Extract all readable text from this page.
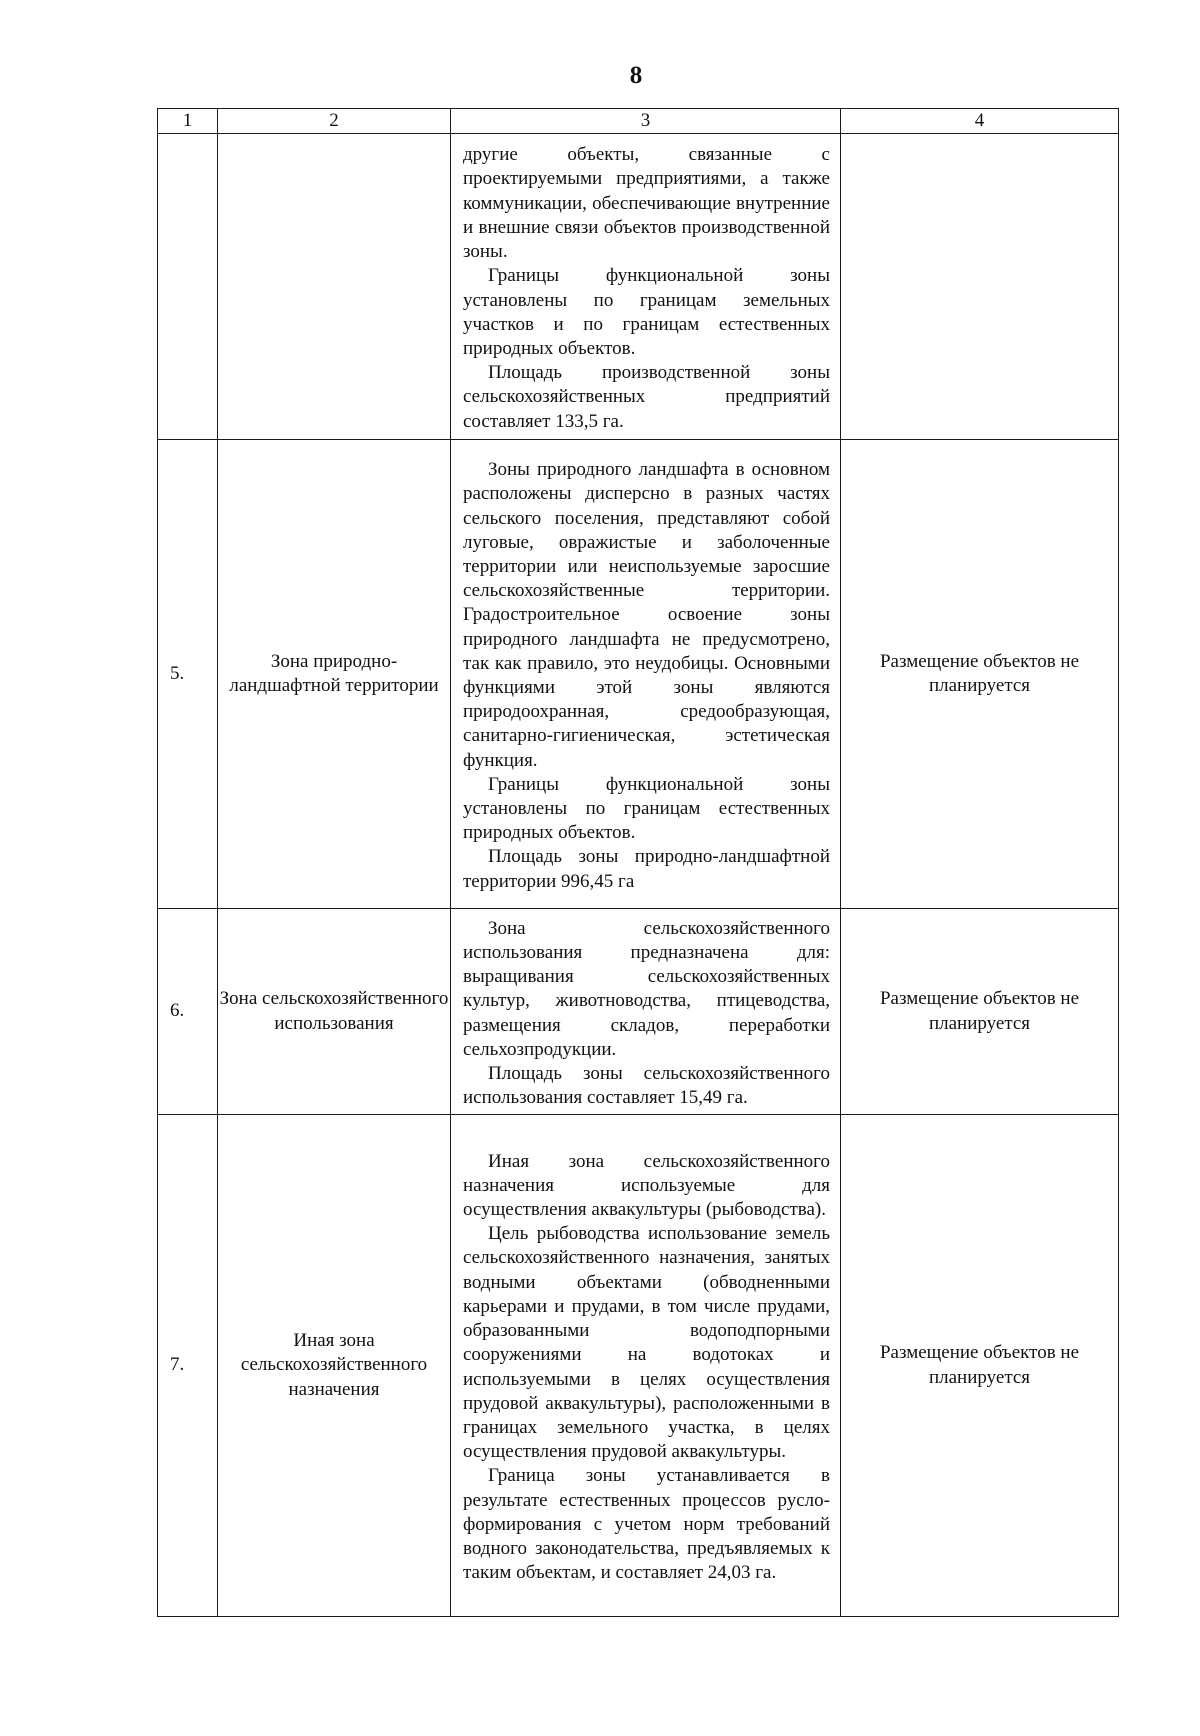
8
1	2	3	4

		другие объекты, связанные с проектируемыми предприятиями, а также коммуникации, обеспечивающие внутренние и внешние связи объектов производственной зоны.

Границы функциональной зоны установлены по границам земельных участков и по границам естественных природных объектов.

Площадь производственной зоны сельскохозяйственных предприятий составляет 133,5 га.	

5.	Зона природно-ландшафтной территории	Зоны природного ландшафта в основном расположены дисперсно в разных частях сельского поселения, представляют собой луговые, овражистые и заболоченные территории или неиспользуемые заросшие сельскохозяйственные территории. Градостроительное освоение зоны природного ландшафта не предусмотрено, так как правило, это неудобицы. Основными функциями этой зоны являются природоохранная, средообразующая, санитарно-гигиеническая, эстетическая функция.

Границы функциональной зоны установлены по границам естественных природных объектов.

Площадь зоны природно-ландшафтной территории 996,45 га	Размещение объектов не планируется
6.	Зона сельскохозяйственного использования	Зона сельскохозяйственного использования предназначена для: выращивания сельскохозяйственных культур, животноводства, птицеводства, размещения складов, переработки сельхозпродукции.

Площадь зоны сельскохозяйственного использования составляет 15,49 га.	Размещение объектов не планируется
7.	Иная зона сельскохозяйственного назначения	Иная зона сельскохозяйственного назначения используемые для осуществления аквакультуры (рыбоводства).

Цель рыбоводства использование земель сельскохозяйственного назначения, занятых водными объектами (обводненными карьерами и прудами, в том числе прудами, образованными водоподпорными сооружениями на водотоках и используемыми в целях осуществления прудовой аквакультуры), расположенными в границах земельного участка, в целях осуществления прудовой аквакультуры.

Граница зоны устанавливается в результате естественных процессов руслоформирования с учетом норм требований водного законодательства, предъявляемых к таким объектам, и составляет 24,03 га.	Размещение объектов не планируется
